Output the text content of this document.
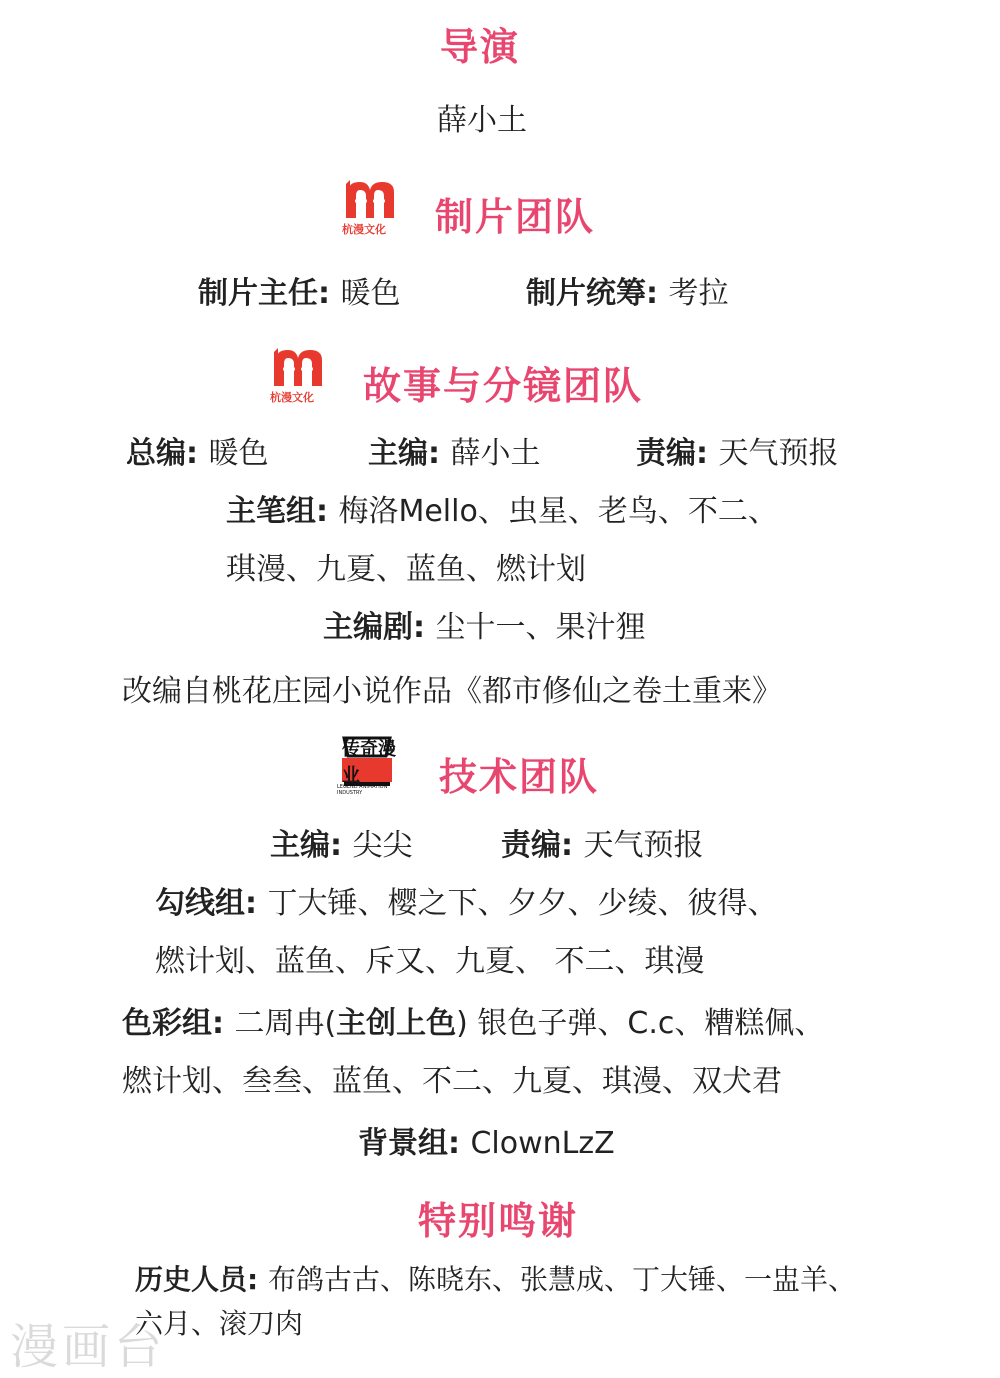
导演
薛小土
杭漫文化 制片团队
制片主任: 暖色	制片统筹: 考拉
杭漫文化 故事与分镜团队
总编: 暖色	主编: 薛小土	责编: 天气预报
主笔组: 梅洛Mello、虫星、老鸟、不二、
琪漫、九夏、蓝鱼、燃计划
主编剧: 尘十一、果汁狸
改编自桃花庄园小说作品《都市修仙之卷土重来》
传奇漫业
LEGEND ANIMATION INDUSTRY	技术团队
主编: 尖尖	责编: 天气预报
勾线组: 丁大锤、樱之下、夕夕、少绫、彼得、
燃计划、蓝鱼、斥又、九夏、 不二、琪漫
色彩组: 二周冉(主创上色) 银色子弹、C.c、糟糕佩、
燃计划、叁叁、蓝鱼、不二、九夏、琪漫、双犬君
背景组: ClownLzZ
特别鸣谢
历史人员: 布鸽古古、陈晓东、张慧成、丁大锤、一盅羊、
六月、滚刀肉
漫画台
